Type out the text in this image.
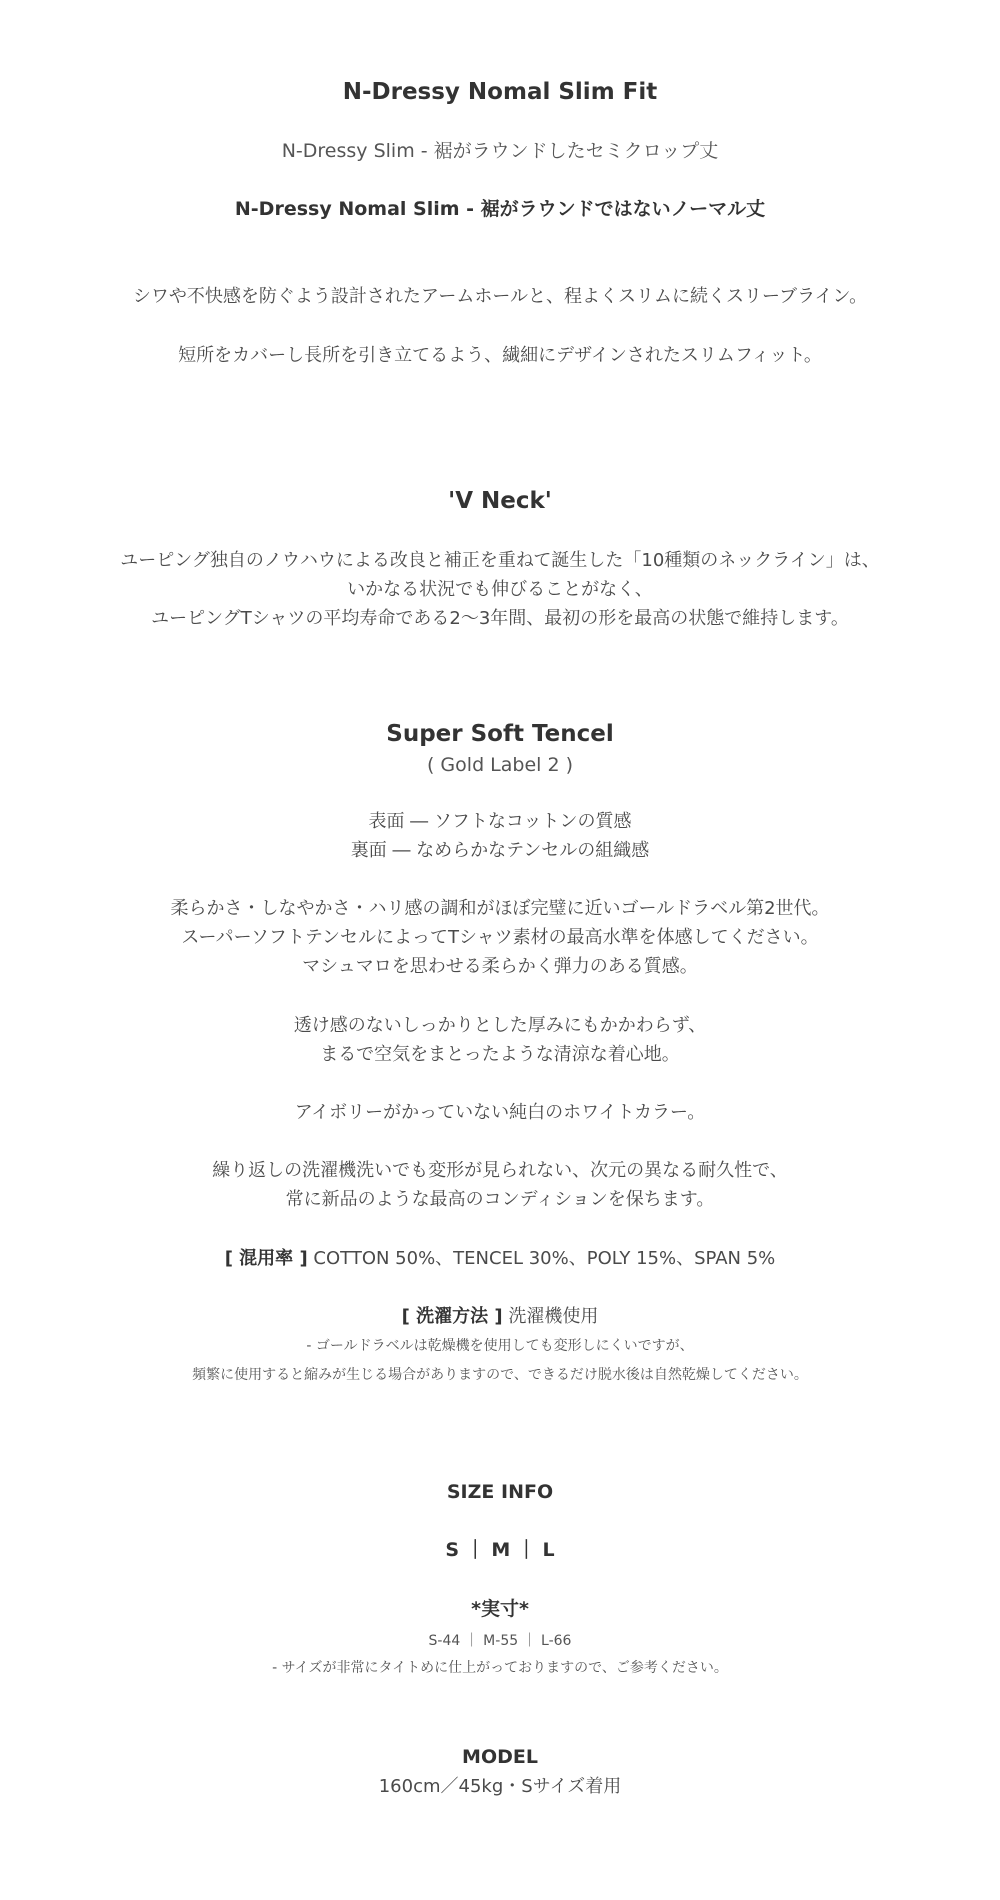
N-Dressy Nomal Slim Fit
N-Dressy Slim - 裾がラウンドしたセミクロップ丈
N-Dressy Nomal Slim - 裾がラウンドではないノーマル丈
シワや不快感を防ぐよう設計されたアームホールと、程よくスリムに続くスリーブライン。
短所をカバーし長所を引き立てるよう、繊細にデザインされたスリムフィット。
'V Neck'
ユーピング独自のノウハウによる改良と補正を重ねて誕生した「10種類のネックライン」は、
いかなる状況でも伸びることがなく、
ユーピングTシャツの平均寿命である2〜3年間、最初の形を最高の状態で維持します。
Super Soft Tencel
( Gold Label 2 )
表面 ― ソフトなコットンの質感
裏面 ― なめらかなテンセルの組織感
柔らかさ・しなやかさ・ハリ感の調和がほぼ完璧に近いゴールドラベル第2世代。
スーパーソフトテンセルによってTシャツ素材の最高水準を体感してください。
マシュマロを思わせる柔らかく弾力のある質感。
透け感のないしっかりとした厚みにもかかわらず、
まるで空気をまとったような清涼な着心地。
アイボリーがかっていない純白のホワイトカラー。
繰り返しの洗濯機洗いでも変形が見られない、次元の異なる耐久性で、
常に新品のような最高のコンディションを保ちます。
[ 混用率 ] COTTON 50%、TENCEL 30%、POLY 15%、SPAN 5%
[ 洗濯方法 ] 洗濯機使用
- ゴールドラベルは乾燥機を使用しても変形しにくいですが、
頻繁に使用すると縮みが生じる場合がありますので、できるだけ脱水後は自然乾燥してください。
SIZE INFO
S ｜ M ｜ L
*実寸*
S-44 ｜ M-55 ｜ L-66
- サイズが非常にタイトめに仕上がっておりますので、ご参考ください。
MODEL
160cm／45kg・Sサイズ着用
